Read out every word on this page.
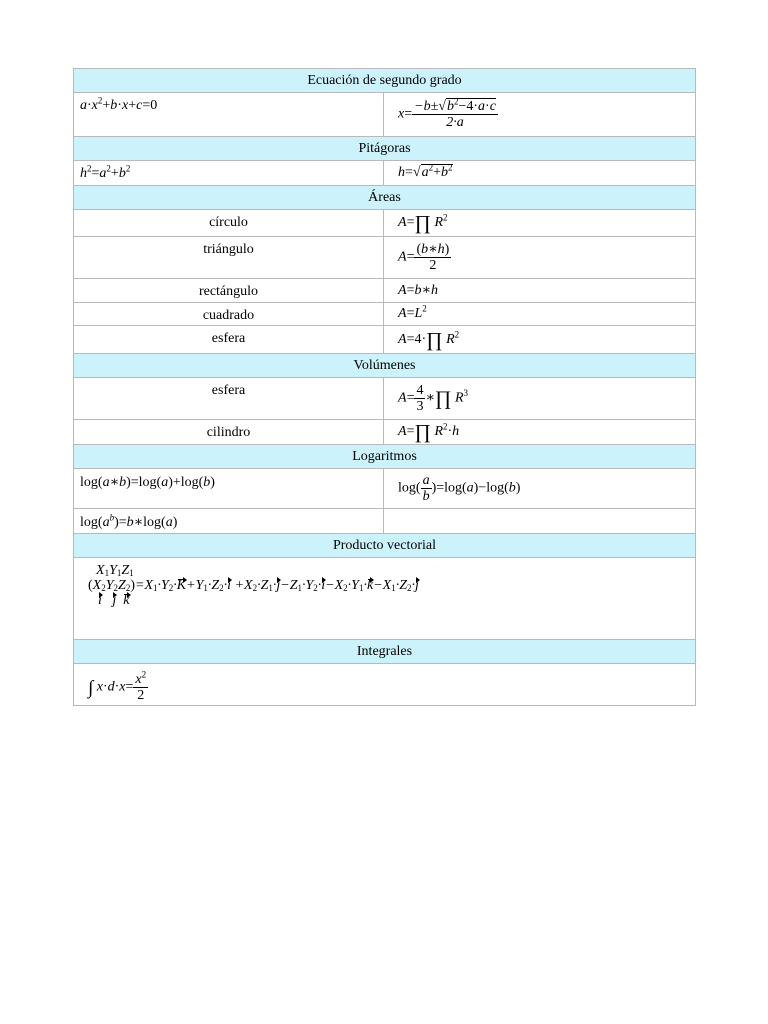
Ecuación de segundo grado	
$a\cdot x^2+b\cdot x+c=0$	$x= \frac{-b\pm√b^2-4\cdot a\cdot c}{2\cdot a}$

Pitágoras	
$h^2=a^2+b^2$	$h=√a^2+b^2$
Áreas	
círculo	A=∏ $R^2$
triángulo	$A= \frac{(b∗h)}{2}$

rectángulo	A=b∗h
cuadrado	$A=L^2$
esfera	A=4·∏ $R^2$
Volúmenes	
esfera	$A= \frac{4}{3}$ ∗∏ $R^3$
cilindro	A=∏ $R^2\cdot h$
Logaritmos	
log(a∗b)=log(a)+log(b)	$\log( \frac{a}{b} )=\log(a)-\log(b)$
$\log(a^b)=b∗\log(a)$	
Producto vectorial	

X1Y1Z1
(X2Y2Z2)=X1·Y2·K+Y1·Z2·i +X2·Z1·j−Z1·Y2·i−X2·Y1·k−X1·Z2·j
i j k	

Integrales	
∫ $x\cdot d\cdot x= \frac{x^2}{2}$
